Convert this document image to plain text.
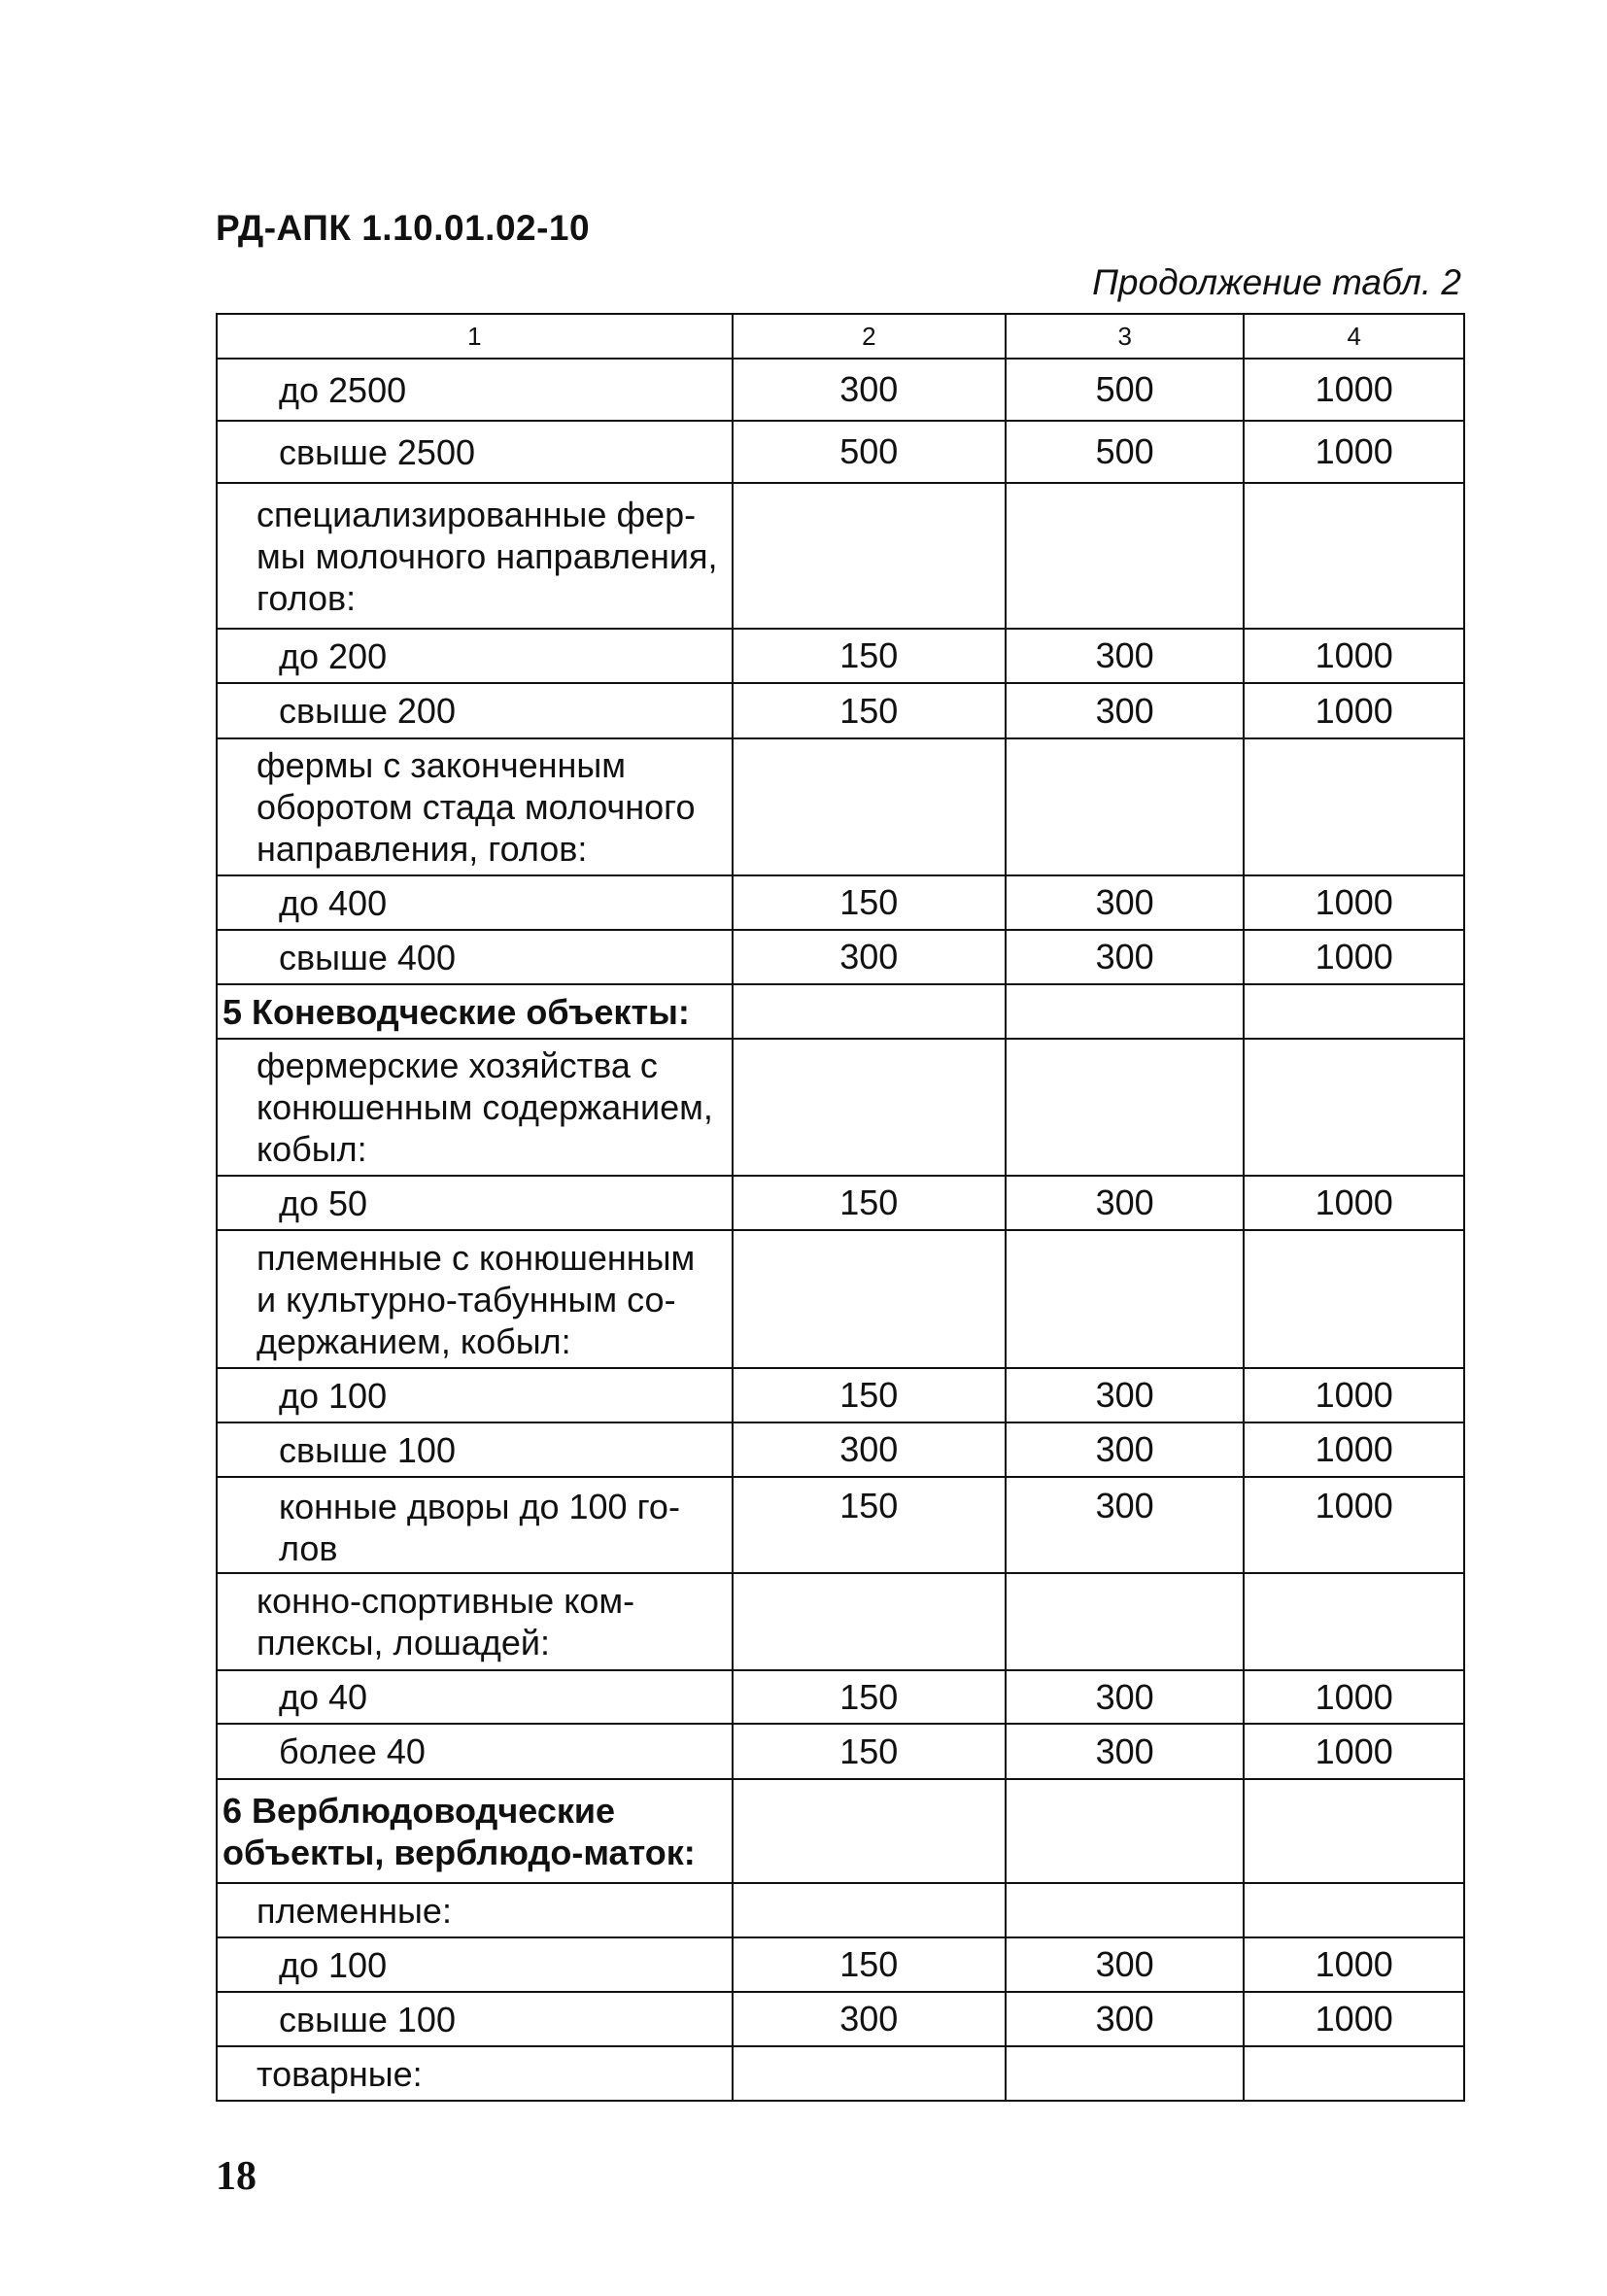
РД-АПК 1.10.01.02-10
Продолжение табл. 2
1	2	3	4
до 2500	300	500	1000
свыше 2500	500	500	1000
специализированные фермы молочного направления, голов:			
до 200	150	300	1000
свыше 200	150	300	1000
фермы с законченным оборотом стада молочного направления, голов:			
до 400	150	300	1000
свыше 400	300	300	1000
5 Коневодческие объекты:			
фермерские хозяйства с конюшенным содержанием, кобыл:			
до 50	150	300	1000
племенные с конюшенным и культурно-табунным содержанием, кобыл:			
до 100	150	300	1000
свыше 100	300	300	1000
конные дворы до 100 голов	150	300	1000
конно-спортивные комплексы, лошадей:			
до 40	150	300	1000
более 40	150	300	1000
6 Верблюдоводческие объекты, верблюдо-маток:			
племенные:			
до 100	150	300	1000
свыше 100	300	300	1000
товарные:			
18
